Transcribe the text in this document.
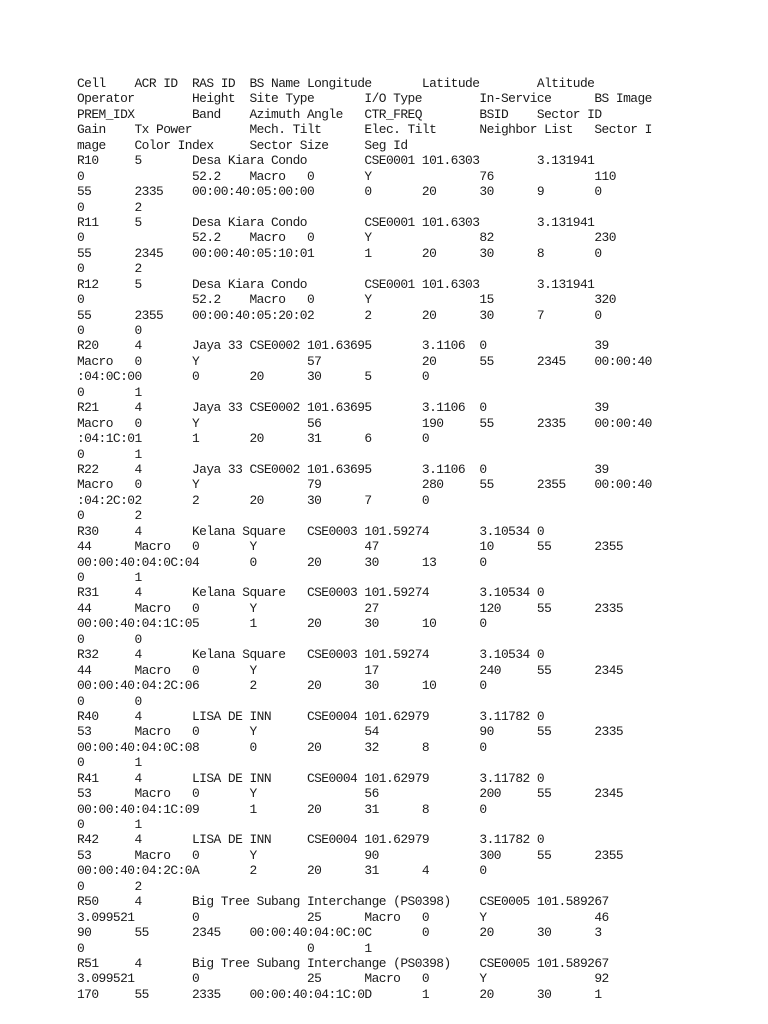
Cell    ACR ID  RAS ID  BS Name Longitude       Latitude        Altitude
Operator        Height  Site Type       I/O Type        In-Service      BS Image
PREM_IDX        Band    Azimuth Angle   CTR_FREQ        BSID    Sector ID
Gain    Tx Power        Mech. Tilt      Elec. Tilt      Neighbor List   Sector I
mage    Color Index     Sector Size     Seg Id
R10     5       Desa Kiara Condo        CSE0001 101.6303        3.131941
0               52.2    Macro   0       Y               76              110
55      2335    00:00:40:05:00:00       0       20      30      9       0
0       2
R11     5       Desa Kiara Condo        CSE0001 101.6303        3.131941
0               52.2    Macro   0       Y               82              230
55      2345    00:00:40:05:10:01       1       20      30      8       0
0       2
R12     5       Desa Kiara Condo        CSE0001 101.6303        3.131941
0               52.2    Macro   0       Y               15              320
55      2355    00:00:40:05:20:02       2       20      30      7       0
0       0
R20     4       Jaya 33 CSE0002 101.63695       3.1106  0               39
Macro   0       Y               57              20      55      2345    00:00:40
:04:0C:00       0       20      30      5       0
0       1
R21     4       Jaya 33 CSE0002 101.63695       3.1106  0               39
Macro   0       Y               56              190     55      2335    00:00:40
:04:1C:01       1       20      31      6       0
0       1
R22     4       Jaya 33 CSE0002 101.63695       3.1106  0               39
Macro   0       Y               79              280     55      2355    00:00:40
:04:2C:02       2       20      30      7       0
0       2
R30     4       Kelana Square   CSE0003 101.59274       3.10534 0
44      Macro   0       Y               47              10      55      2355
00:00:40:04:0C:04       0       20      30      13      0
0       1
R31     4       Kelana Square   CSE0003 101.59274       3.10534 0
44      Macro   0       Y               27              120     55      2335
00:00:40:04:1C:05       1       20      30      10      0
0       0
R32     4       Kelana Square   CSE0003 101.59274       3.10534 0
44      Macro   0       Y               17              240     55      2345
00:00:40:04:2C:06       2       20      30      10      0
0       0
R40     4       LISA DE INN     CSE0004 101.62979       3.11782 0
53      Macro   0       Y               54              90      55      2335
00:00:40:04:0C:08       0       20      32      8       0
0       1
R41     4       LISA DE INN     CSE0004 101.62979       3.11782 0
53      Macro   0       Y               56              200     55      2345
00:00:40:04:1C:09       1       20      31      8       0
0       1
R42     4       LISA DE INN     CSE0004 101.62979       3.11782 0
53      Macro   0       Y               90              300     55      2355
00:00:40:04:2C:0A       2       20      31      4       0
0       2
R50     4       Big Tree Subang Interchange (PS0398)    CSE0005 101.589267
3.099521        0               25      Macro   0       Y               46
90      55      2345    00:00:40:04:0C:0C       0       20      30      3
0                               0       1
R51     4       Big Tree Subang Interchange (PS0398)    CSE0005 101.589267
3.099521        0               25      Macro   0       Y               92
170     55      2335    00:00:40:04:1C:0D       1       20      30      1
